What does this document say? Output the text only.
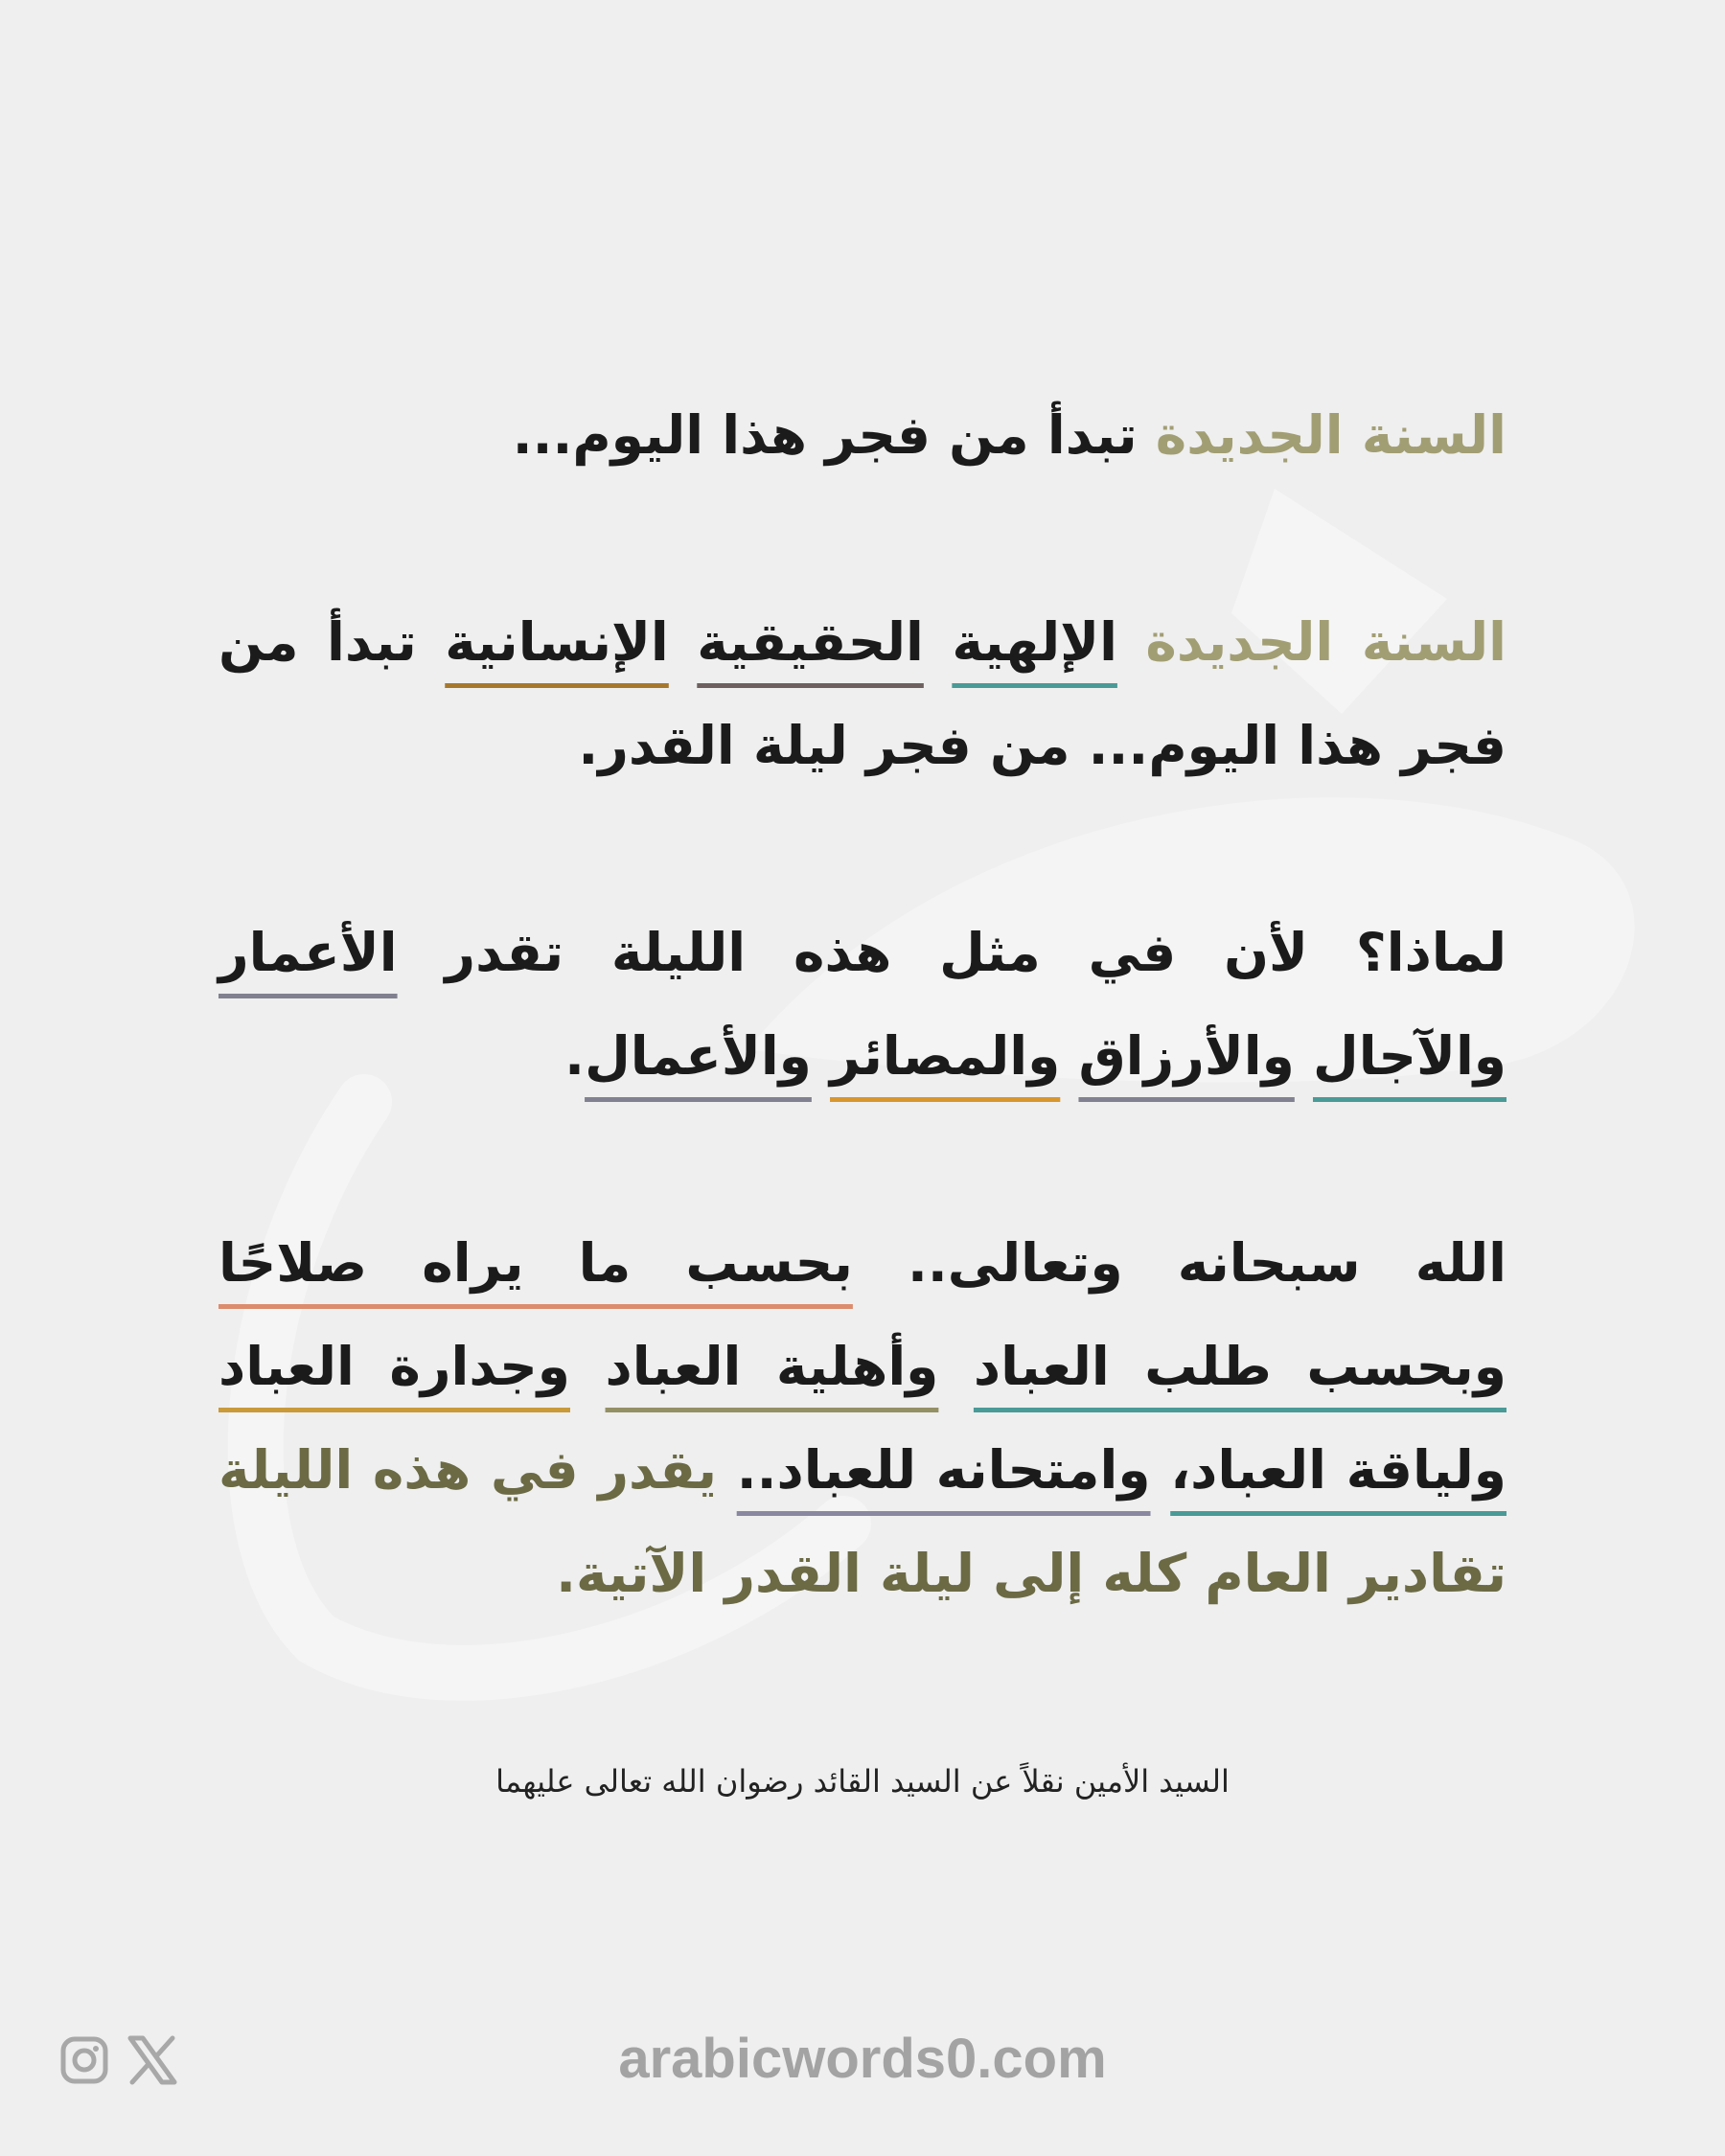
السنة الجديدة تبدأ من فجر هذا اليوم...
السنة الجديدة الإلهية الحقيقية الإنسانية تبدأ من فجر هذا اليوم... من فجر ليلة القدر.
لماذا؟ لأن في مثل هذه الليلة تقدر الأعمار والآجال والأرزاق والمصائر والأعمال.
الله سبحانه وتعالى.. بحسب ما يراه صلاحًا وبحسب طلب العباد وأهلية العباد وجدارة العباد ولياقة العباد، وامتحانه للعباد.. يقدر في هذه الليلة تقادير العام كله إلى ليلة القدر الآتية.
السيد الأمين نقلاً عن السيد القائد رضوان الله تعالى عليهما
arabicwords0.com
